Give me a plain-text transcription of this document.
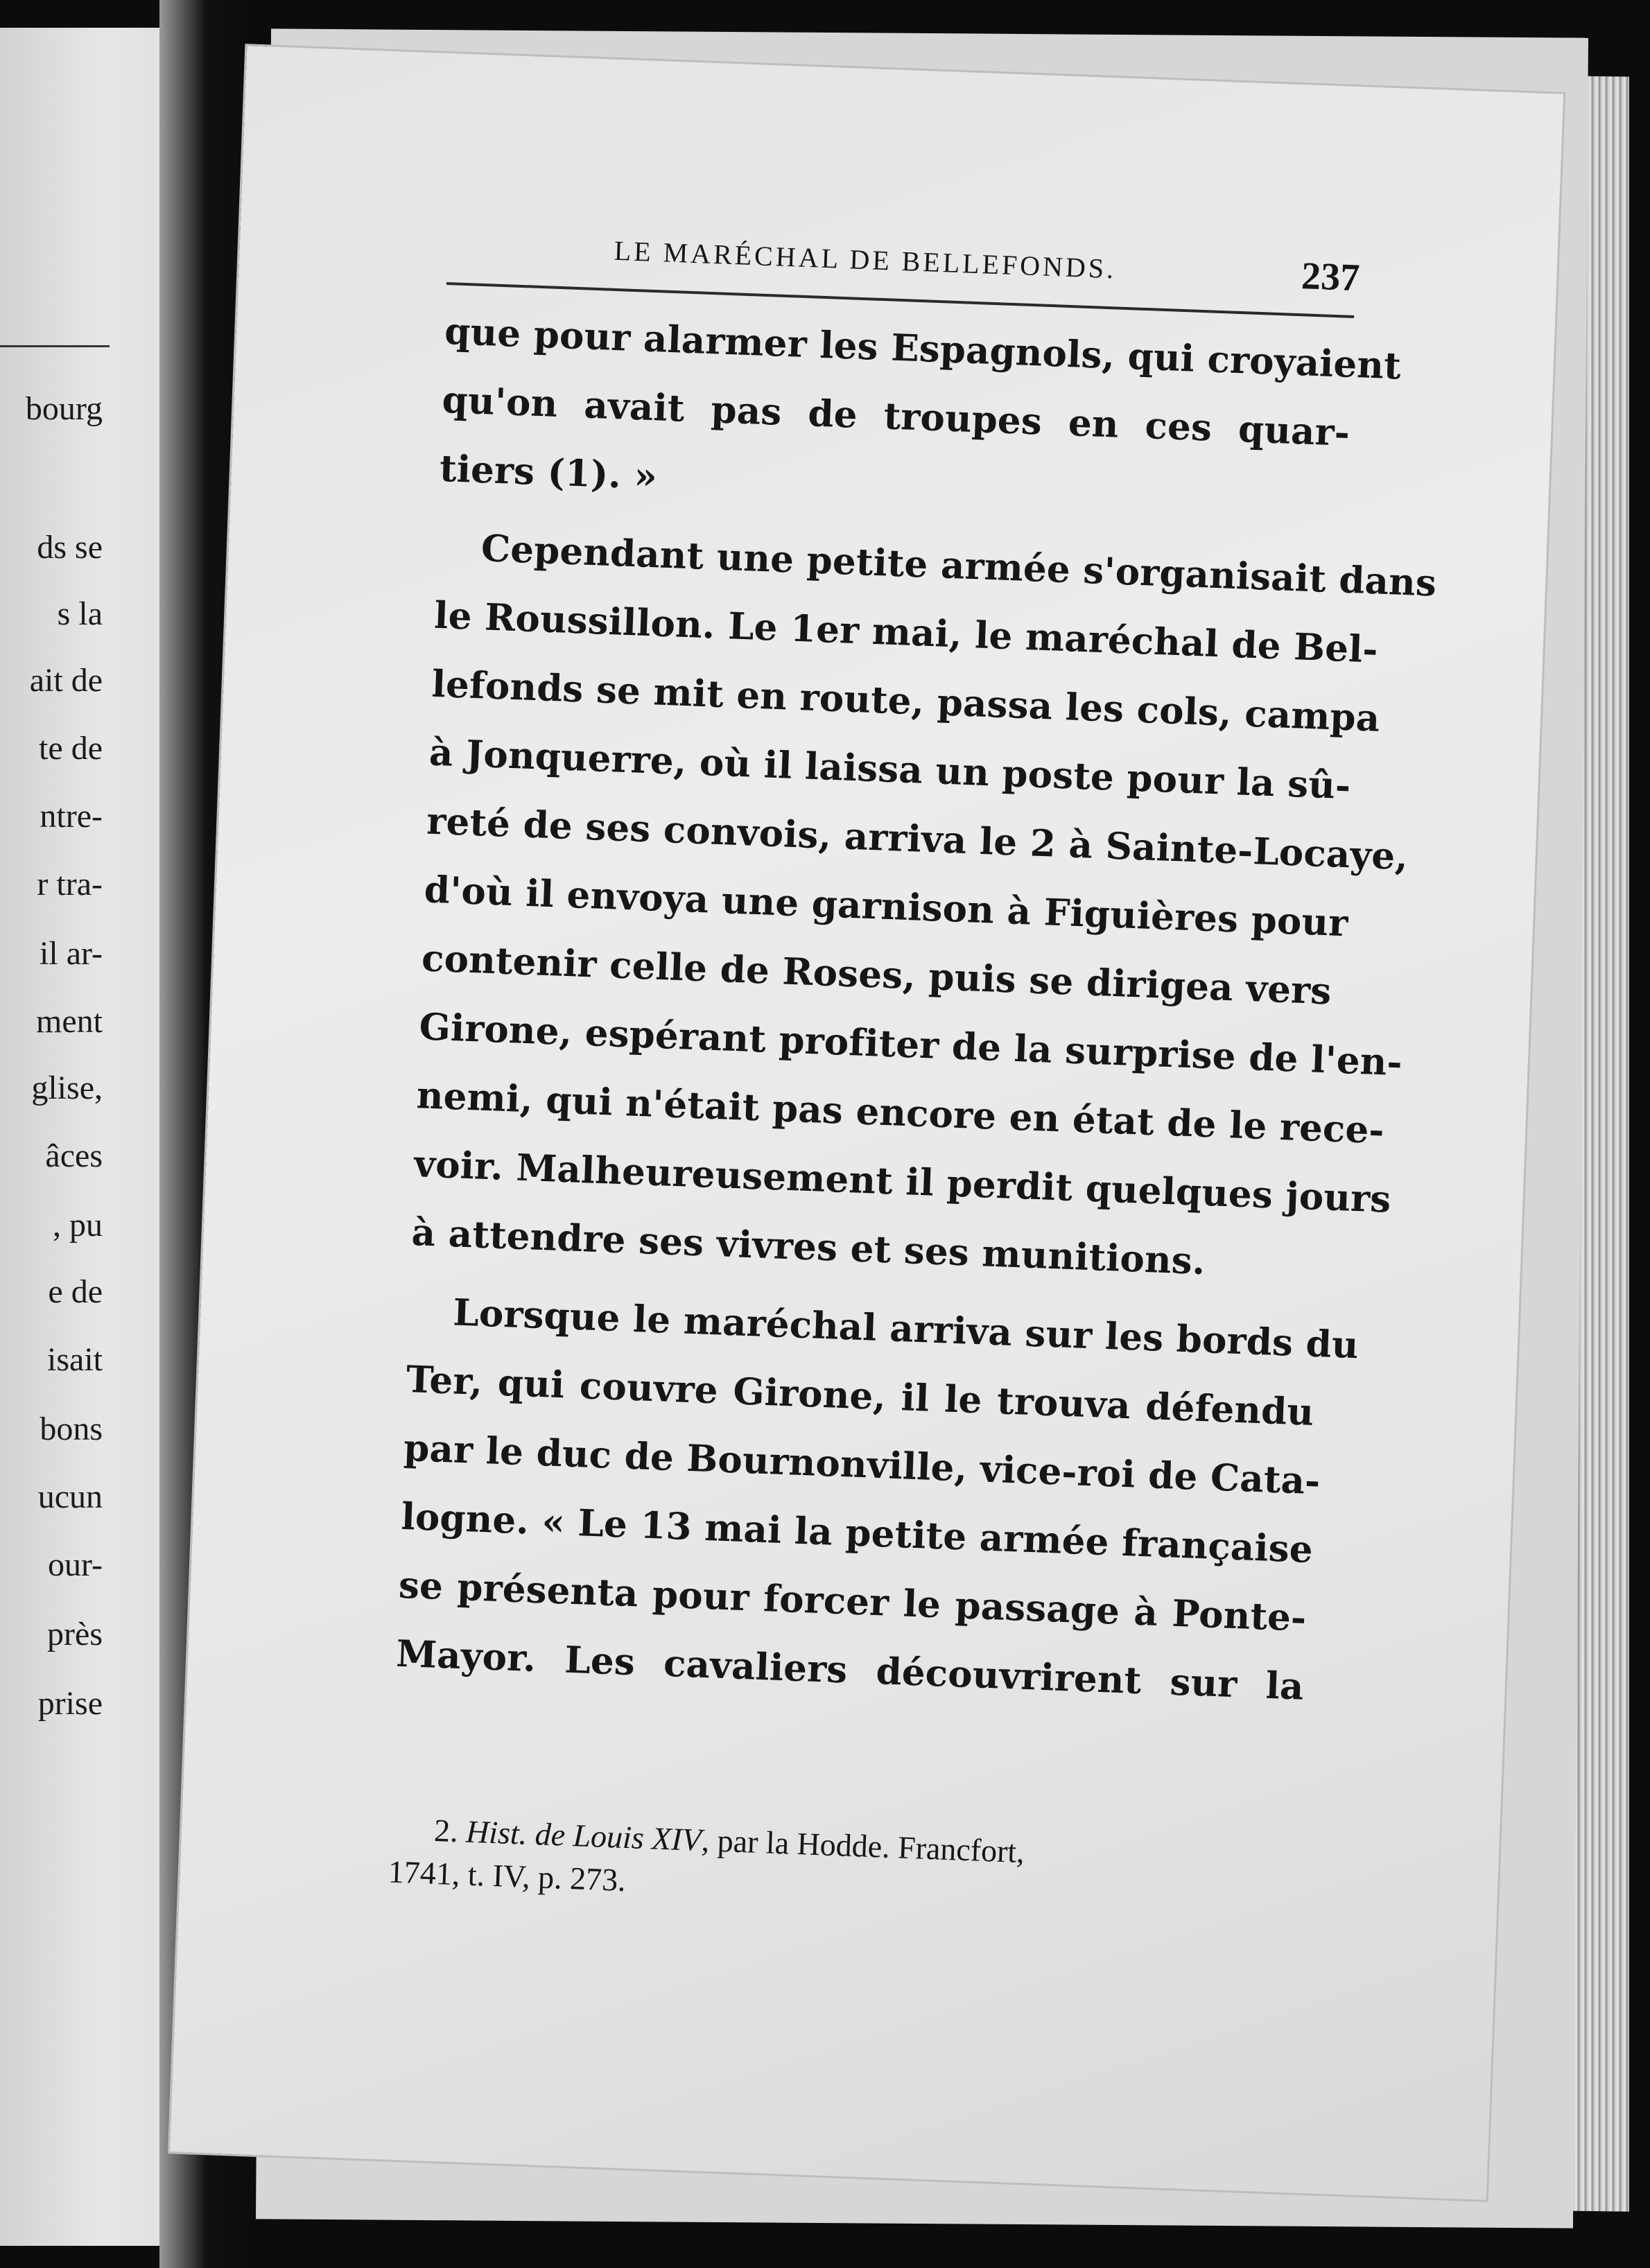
bourg
ds se
s la
ait de
te de
ntre-
r tra-
il ar-
ment
glise,
âces
, pu
e de
isait
bons
ucun
our-
près
prise
LE MARÉCHAL DE BELLEFONDS.	237
que pour alarmer les Espagnols, qui croyaient
qu'on avait pas de troupes en ces quar-
tiers (1). »
Cependant une petite armée s'organisait dans
le Roussillon. Le 1er mai, le maréchal de Bel-
lefonds se mit en route, passa les cols, campa
à Jonquerre, où il laissa un poste pour la sû-
reté de ses convois, arriva le 2 à Sainte-Locaye,
d'où il envoya une garnison à Figuières pour
contenir celle de Roses, puis se dirigea vers
Girone, espérant profiter de la surprise de l'en-
nemi, qui n'était pas encore en état de le rece-
voir. Malheureusement il perdit quelques jours
à attendre ses vivres et ses munitions.
Lorsque le maréchal arriva sur les bords du
Ter, qui couvre Girone, il le trouva défendu
par le duc de Bournonville, vice-roi de Cata-
logne. « Le 13 mai la petite armée française
se présenta pour forcer le passage à Ponte-
Mayor. Les cavaliers découvrirent sur la
2. Hist. de Louis XIV, par la Hodde. Francfort,
1741, t. IV, p. 273.
